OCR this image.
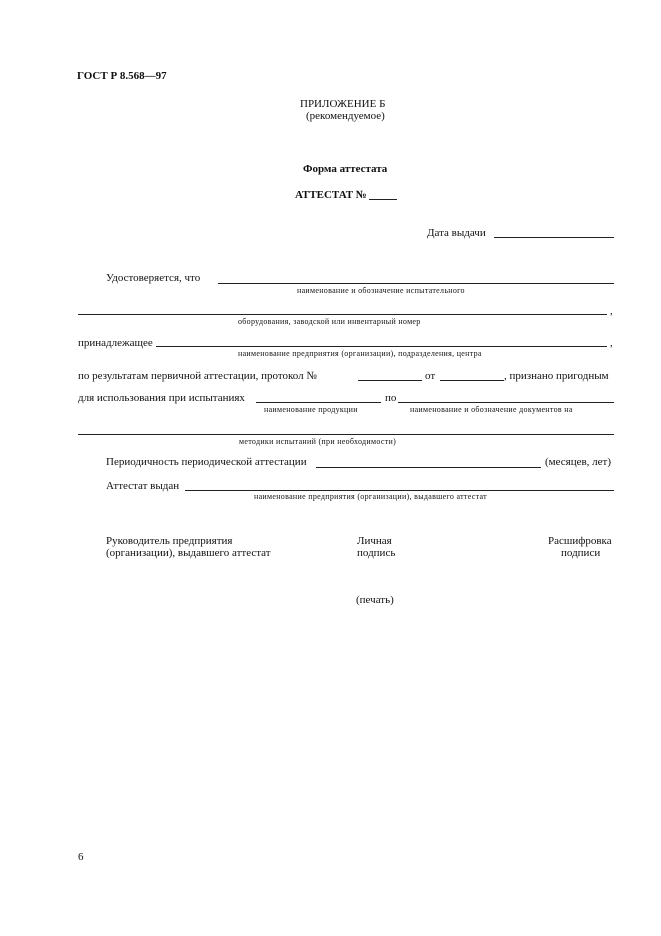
ГОСТ Р 8.568—97
ПРИЛОЖЕНИЕ Б
(рекомендуемое)
Форма аттестата
АТТЕСТАТ №
Дата выдачи
Удостоверяется, что
наименование и обозначение испытательного
,
оборудования, заводской или инвентарный номер
принадлежащее	,
наименование предприятия (организации), подразделения, центра
по результатам первичной аттестации, протокол №	от	, признано пригодным
для использования при испытаниях	по
наименование продукции	наименование и обозначение документов на
методики испытаний (при необходимости)
Периодичность периодической аттестации	(месяцев, лет)
Аттестат выдан
наименование предприятия (организации), выдавшего аттестат
Руководитель предприятия
(организации), выдавшего аттестат
Личная
подпись
Расшифровка
подписи
(печать)
6
